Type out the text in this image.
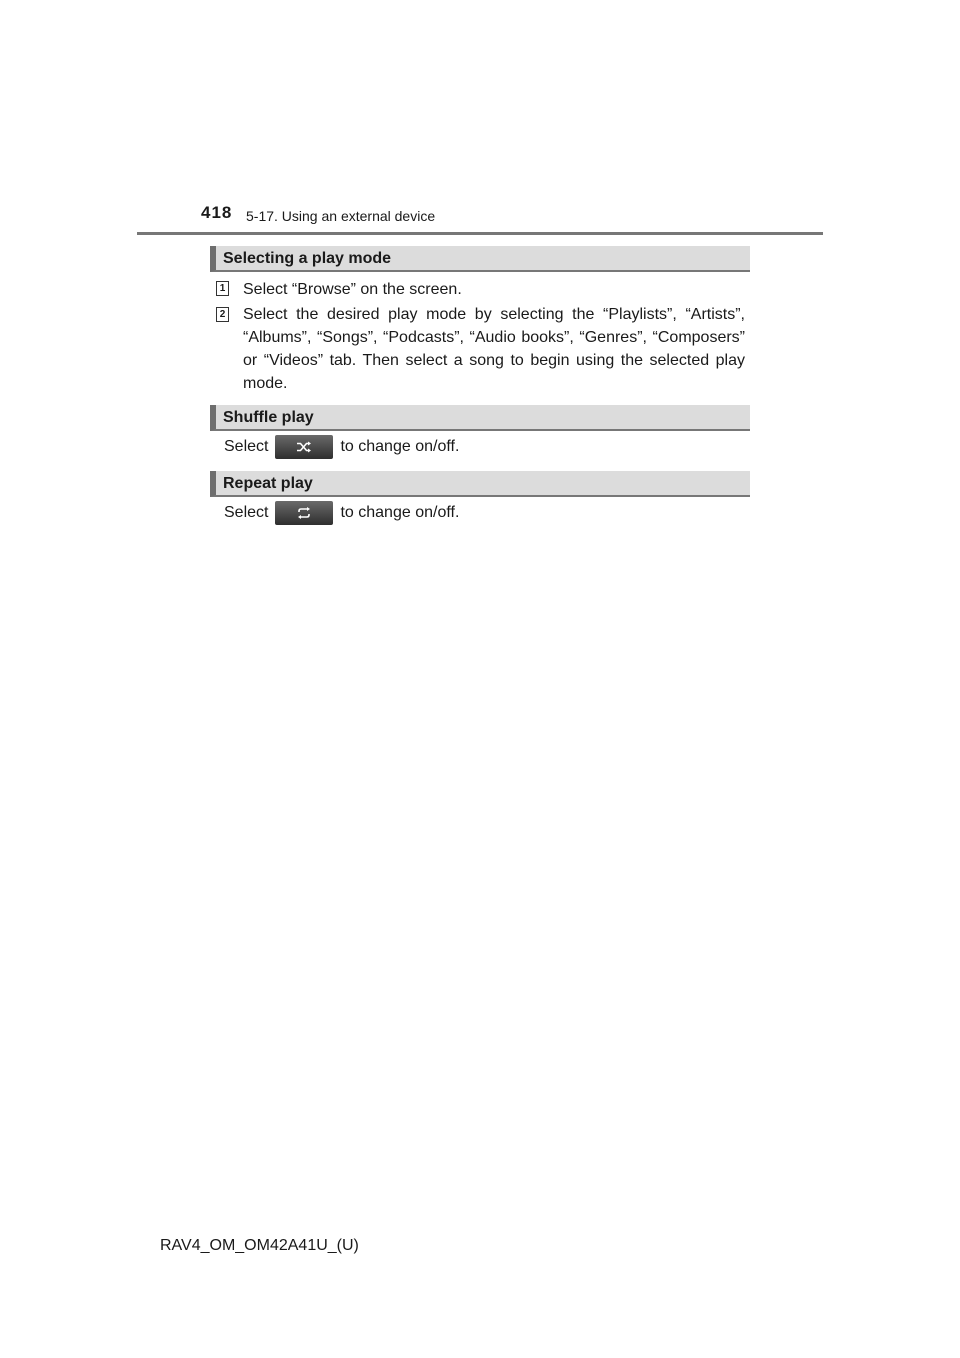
418 5-17. Using an external device
Selecting a play mode
1 Select “Browse” on the screen.
2 Select the desired play mode by selecting the “Playlists”, “Artists”, “Albums”, “Songs”, “Podcasts”, “Audio books”, “Genres”, “Composers” or “Videos” tab. Then select a song to begin using the selected play mode.
Shuffle play
Select	to change on/off.
Repeat play
Select	to change on/off.
RAV4_OM_OM42A41U_(U)
